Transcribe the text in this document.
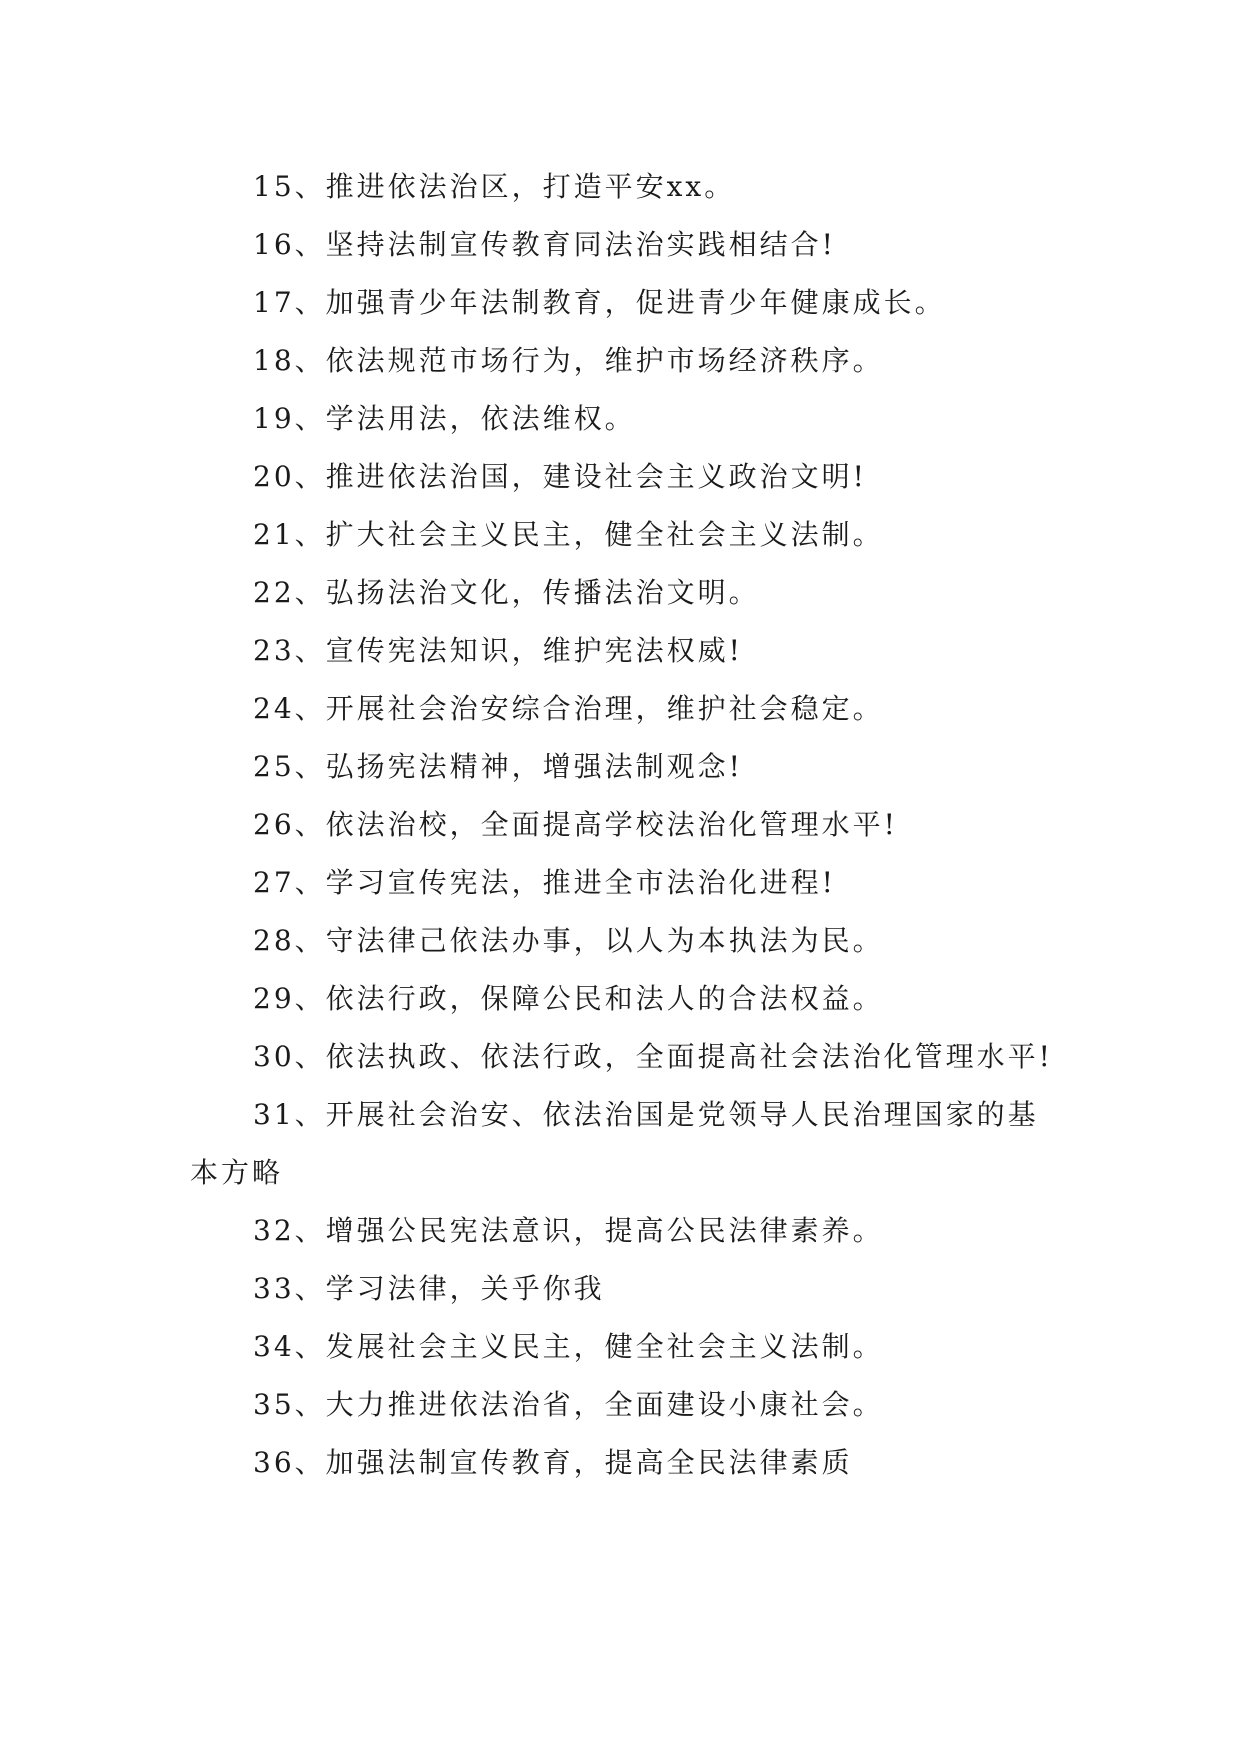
15、推进依法治区，打造平安xx。

16、坚持法制宣传教育同法治实践相结合!

17、加强青少年法制教育，促进青少年健康成长。

18、依法规范市场行为，维护市场经济秩序。

19、学法用法，依法维权。

20、推进依法治国，建设社会主义政治文明!

21、扩大社会主义民主，健全社会主义法制。

22、弘扬法治文化，传播法治文明。

23、宣传宪法知识，维护宪法权威!

24、开展社会治安综合治理，维护社会稳定。

25、弘扬宪法精神，增强法制观念!

26、依法治校，全面提高学校法治化管理水平!

27、学习宣传宪法，推进全市法治化进程!

28、守法律己依法办事，以人为本执法为民。

29、依法行政，保障公民和法人的合法权益。

30、依法执政、依法行政，全面提高社会法治化管理水平!

31、开展社会治安、依法治国是党领导人民治理国家的基本方略

32、增强公民宪法意识，提高公民法律素养。

33、学习法律，关乎你我

34、发展社会主义民主，健全社会主义法制。

35、大力推进依法治省，全面建设小康社会。

36、加强法制宣传教育，提高全民法律素质
